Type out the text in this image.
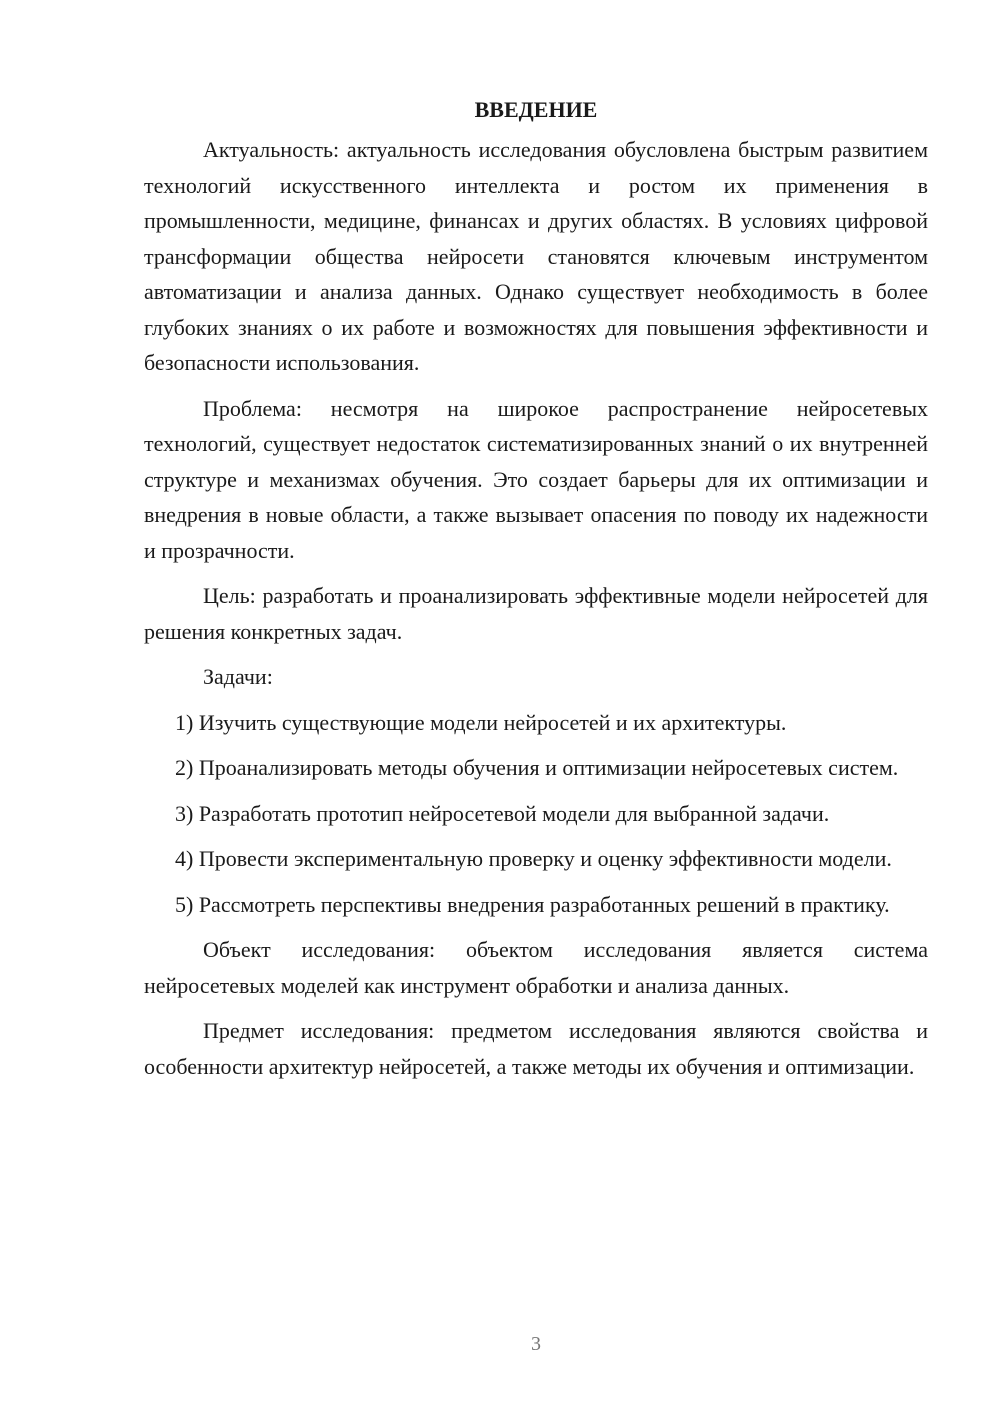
ВВЕДЕНИЕ

Актуальность: актуальность исследования обусловлена быстрым развитием технологий искусственного интеллекта и ростом их применения в промышленности, медицине, финансах и других областях. В условиях цифровой трансформации общества нейросети становятся ключевым инструментом автоматизации и анализа данных. Однако существует необходимость в более глубоких знаниях о их работе и возможностях для повышения эффективности и безопасности использования.

Проблема: несмотря на широкое распространение нейросетевых технологий, существует недостаток систематизированных знаний о их внутренней структуре и механизмах обучения. Это создает барьеры для их оптимизации и внедрения в новые области, а также вызывает опасения по поводу их надежности и прозрачности.

Цель: разработать и проанализировать эффективные модели нейросетей для решения конкретных задач.

Задачи:

1) Изучить существующие модели нейросетей и их архитектуры.

2) Проанализировать методы обучения и оптимизации нейросетевых систем.

3) Разработать прототип нейросетевой модели для выбранной задачи.

4) Провести экспериментальную проверку и оценку эффективности модели.

5) Рассмотреть перспективы внедрения разработанных решений в практику.

Объект исследования: объектом исследования является система нейросетевых моделей как инструмент обработки и анализа данных.

Предмет исследования: предметом исследования являются свойства и особенности архитектур нейросетей, а также методы их обучения и оптимизации.

3
